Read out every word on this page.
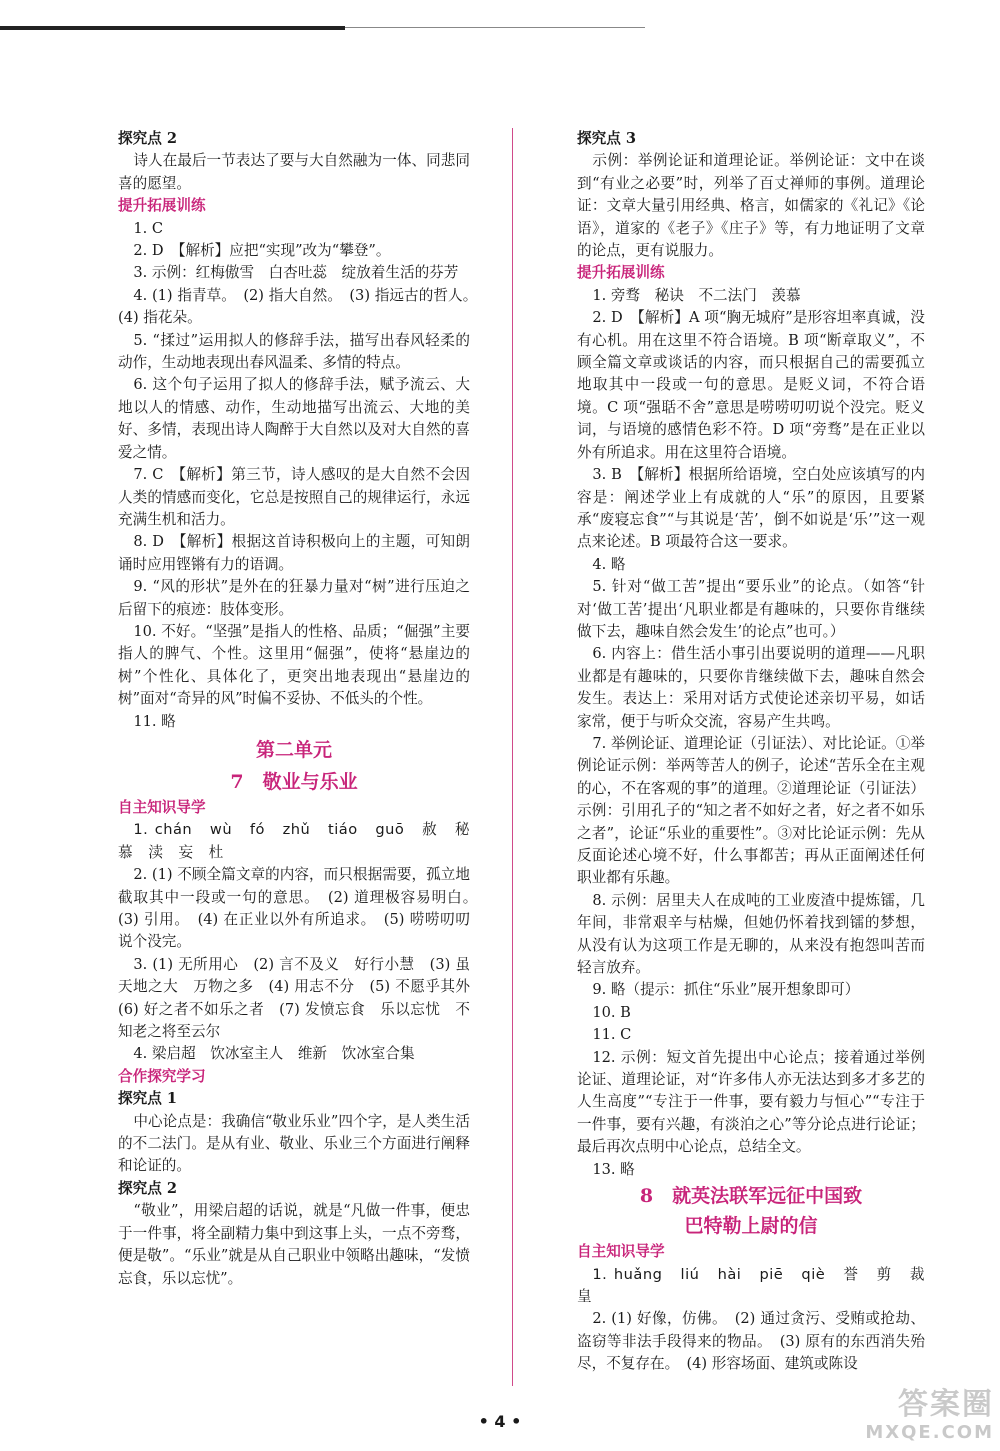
探究点 2

诗人在最后一节表达了要与大自然融为一体、同悲同喜的愿望。

提升拓展训练

1. C

2. D　【解析】应把“实现”改为“攀登”。

3. 示例：红梅傲雪　白杏吐蕊　绽放着生活的芬芳

4. (1) 指青草。　(2) 指大自然。　(3) 指远古的哲人。　(4) 指花朵。

5. “揉过”运用拟人的修辞手法，描写出春风轻柔的动作，生动地表现出春风温柔、多情的特点。

6. 这个句子运用了拟人的修辞手法，赋予流云、大地以人的情感、动作，生动地描写出流云、大地的美好、多情，表现出诗人陶醉于大自然以及对大自然的喜爱之情。

7. C　【解析】第三节，诗人感叹的是大自然不会因人类的情感而变化，它总是按照自己的规律运行，永远充满生机和活力。

8. D　【解析】根据这首诗积极向上的主题，可知朗诵时应用铿锵有力的语调。

9. “风的形状”是外在的狂暴力量对“树”进行压迫之后留下的痕迹：肢体变形。

10. 不好。“坚强”是指人的性格、品质；“倔强”主要指人的脾气、个性。这里用“倔强”，使将“悬崖边的树”个性化、具体化了，更突出地表现出“悬崖边的树”面对“奇异的风”时偏不妥协、不低头的个性。

11. 略

第二单元
7　敬业与乐业

自主知识导学

1. chán　wù　fó　zhǔ　tiáo　guō　赦　秘　慕　渎　妄　杜

2. (1) 不顾全篇文章的内容，而只根据需要，孤立地截取其中一段或一句的意思。　(2) 道理极容易明白。　(3) 引用。　(4) 在正业以外有所追求。　(5) 唠唠叨叨说个没完。

3. (1) 无所用心　(2) 言不及义　好行小慧　(3) 虽天地之大　万物之多　(4) 用志不分　(5) 不愿乎其外　(6) 好之者不如乐之者　(7) 发愤忘食　乐以忘忧　不知老之将至云尔

4. 梁启超　饮冰室主人　维新　饮冰室合集

合作探究学习

探究点 1

中心论点是：我确信“敬业乐业”四个字，是人类生活的不二法门。是从有业、敬业、乐业三个方面进行阐释和论证的。

探究点 2

“敬业”，用梁启超的话说，就是“凡做一件事，便忠于一件事，将全副精力集中到这事上头，一点不旁骛，便是敬”。“乐业”就是从自己职业中领略出趣味，“发愤忘食，乐以忘忧”。

探究点 3

示例：举例论证和道理论证。举例论证：文中在谈到“有业之必要”时，列举了百丈禅师的事例。道理论证：文章大量引用经典、格言，如儒家的《礼记》《论语》，道家的《老子》《庄子》等，有力地证明了文章的论点，更有说服力。

提升拓展训练

1. 旁骛　秘诀　不二法门　羡慕

2. D　【解析】A 项“胸无城府”是形容坦率真诚，没有心机。用在这里不符合语境。B 项“断章取义”，不顾全篇文章或谈话的内容，而只根据自己的需要孤立地取其中一段或一句的意思。是贬义词，不符合语境。C 项“强聒不舍”意思是唠唠叨叨说个没完。贬义词，与语境的感情色彩不符。D 项“旁骛”是在正业以外有所追求。用在这里符合语境。

3. B　【解析】根据所给语境，空白处应该填写的内容是：阐述学业上有成就的人“乐”的原因，且要紧承“废寝忘食”“与其说是‘苦’，倒不如说是‘乐’”这一观点来论述。B 项最符合这一要求。

4. 略

5. 针对“做工苦”提出“要乐业”的论点。（如答“针对‘做工苦’提出‘凡职业都是有趣味的，只要你肯继续做下去，趣味自然会发生’的论点”也可。）

6. 内容上：借生活小事引出要说明的道理——凡职业都是有趣味的，只要你肯继续做下去，趣味自然会发生。表达上：采用对话方式使论述亲切平易，如话家常，便于与听众交流，容易产生共鸣。

7. 举例论证、道理论证（引证法）、对比论证。①举例论证示例：举两等苦人的例子，论述“苦乐全在主观的心，不在客观的事”的道理。②道理论证（引证法）示例：引用孔子的“知之者不如好之者，好之者不如乐之者”，论证“乐业的重要性”。③对比论证示例：先从反面论述心境不好，什么事都苦；再从正面阐述任何职业都有乐趣。

8. 示例：居里夫人在成吨的工业废渣中提炼镭，几年间，非常艰辛与枯燥，但她仍怀着找到镭的梦想，从没有认为这项工作是无聊的，从来没有抱怨叫苦而轻言放弃。

9. 略（提示：抓住“乐业”展开想象即可）

10. B

11. C

12. 示例：短文首先提出中心论点；接着通过举例论证、道理论证，对“许多伟人亦无法达到多才多艺的人生高度”“专注于一件事，要有毅力与恒心”“专注于一件事，要有兴趣，有淡泊之心”等分论点进行论证；最后再次点明中心论点，总结全文。

13. 略

8　就英法联军远征中国致
巴特勒上尉的信

自主知识导学

1. huǎng　liú　hài　piē　qiè　誉　剪　裁　皇

2. (1) 好像，仿佛。　(2) 通过贪污、受贿或抢劫、盗窃等非法手段得来的物品。　(3) 原有的东西消失殆尽，不复存在。　(4) 形容场面、建筑或陈设

• 4 •	答案圈
MXQE.COM
